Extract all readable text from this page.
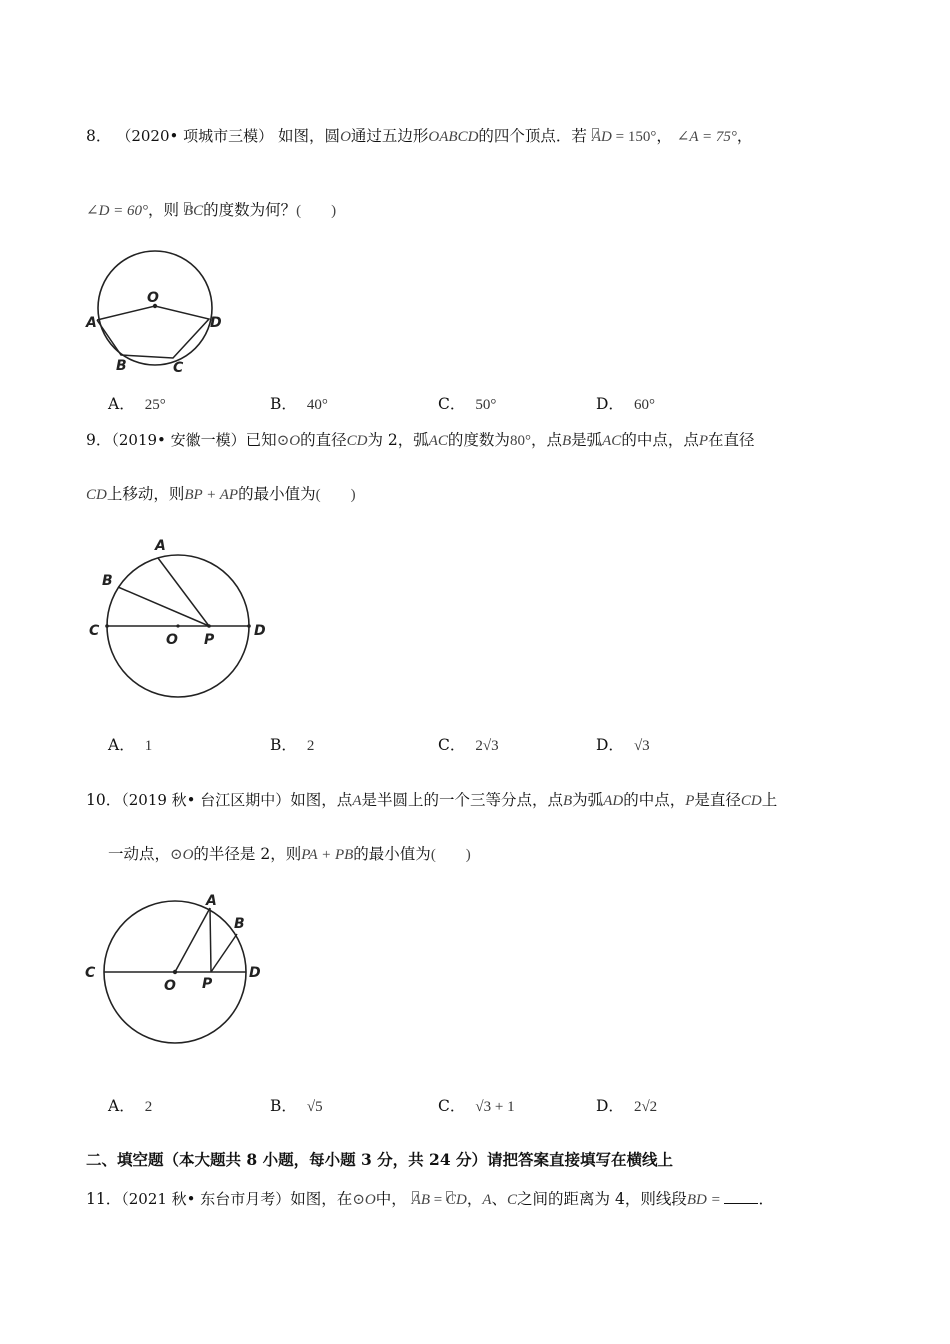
8． （2020• 项城市三模） 如图，圆O通过五边形OABCD的四个顶点．若 AD = 150°， ∠A = 75°，
∠D = 60°，则 BC的度数为何？(　　)
O
A
B	C
D
A． 25°	B． 40°	C． 50°	D． 60°
9．（2019• 安徽一模）已知⊙O的直径CD为 2，弧AC的度数为80°，点B是弧AC的中点，点P在直径
CD上移动，则BP + AP的最小值为(　　)
A
B
C
O P
D
A． 1	B． 2	C． 2√3	D． √3
10．（2019 秋• 台江区期中）如图，点A是半圆上的一个三等分点，点B为弧AD的中点，P是直径CD上
一动点，⊙O的半径是 2，则PA + PB的最小值为(　　)
A
B
C
O P
D
A． 2	B． √5	C． √3 + 1	D． 2√2
二、填空题（本大题共 8 小题，每小题 3 分，共 24 分）请把答案直接填写在横线上
11．（2021 秋• 东台市月考）如图，在⊙O中， AB = CD，A、C之间的距离为 4，则线段BD = ．
